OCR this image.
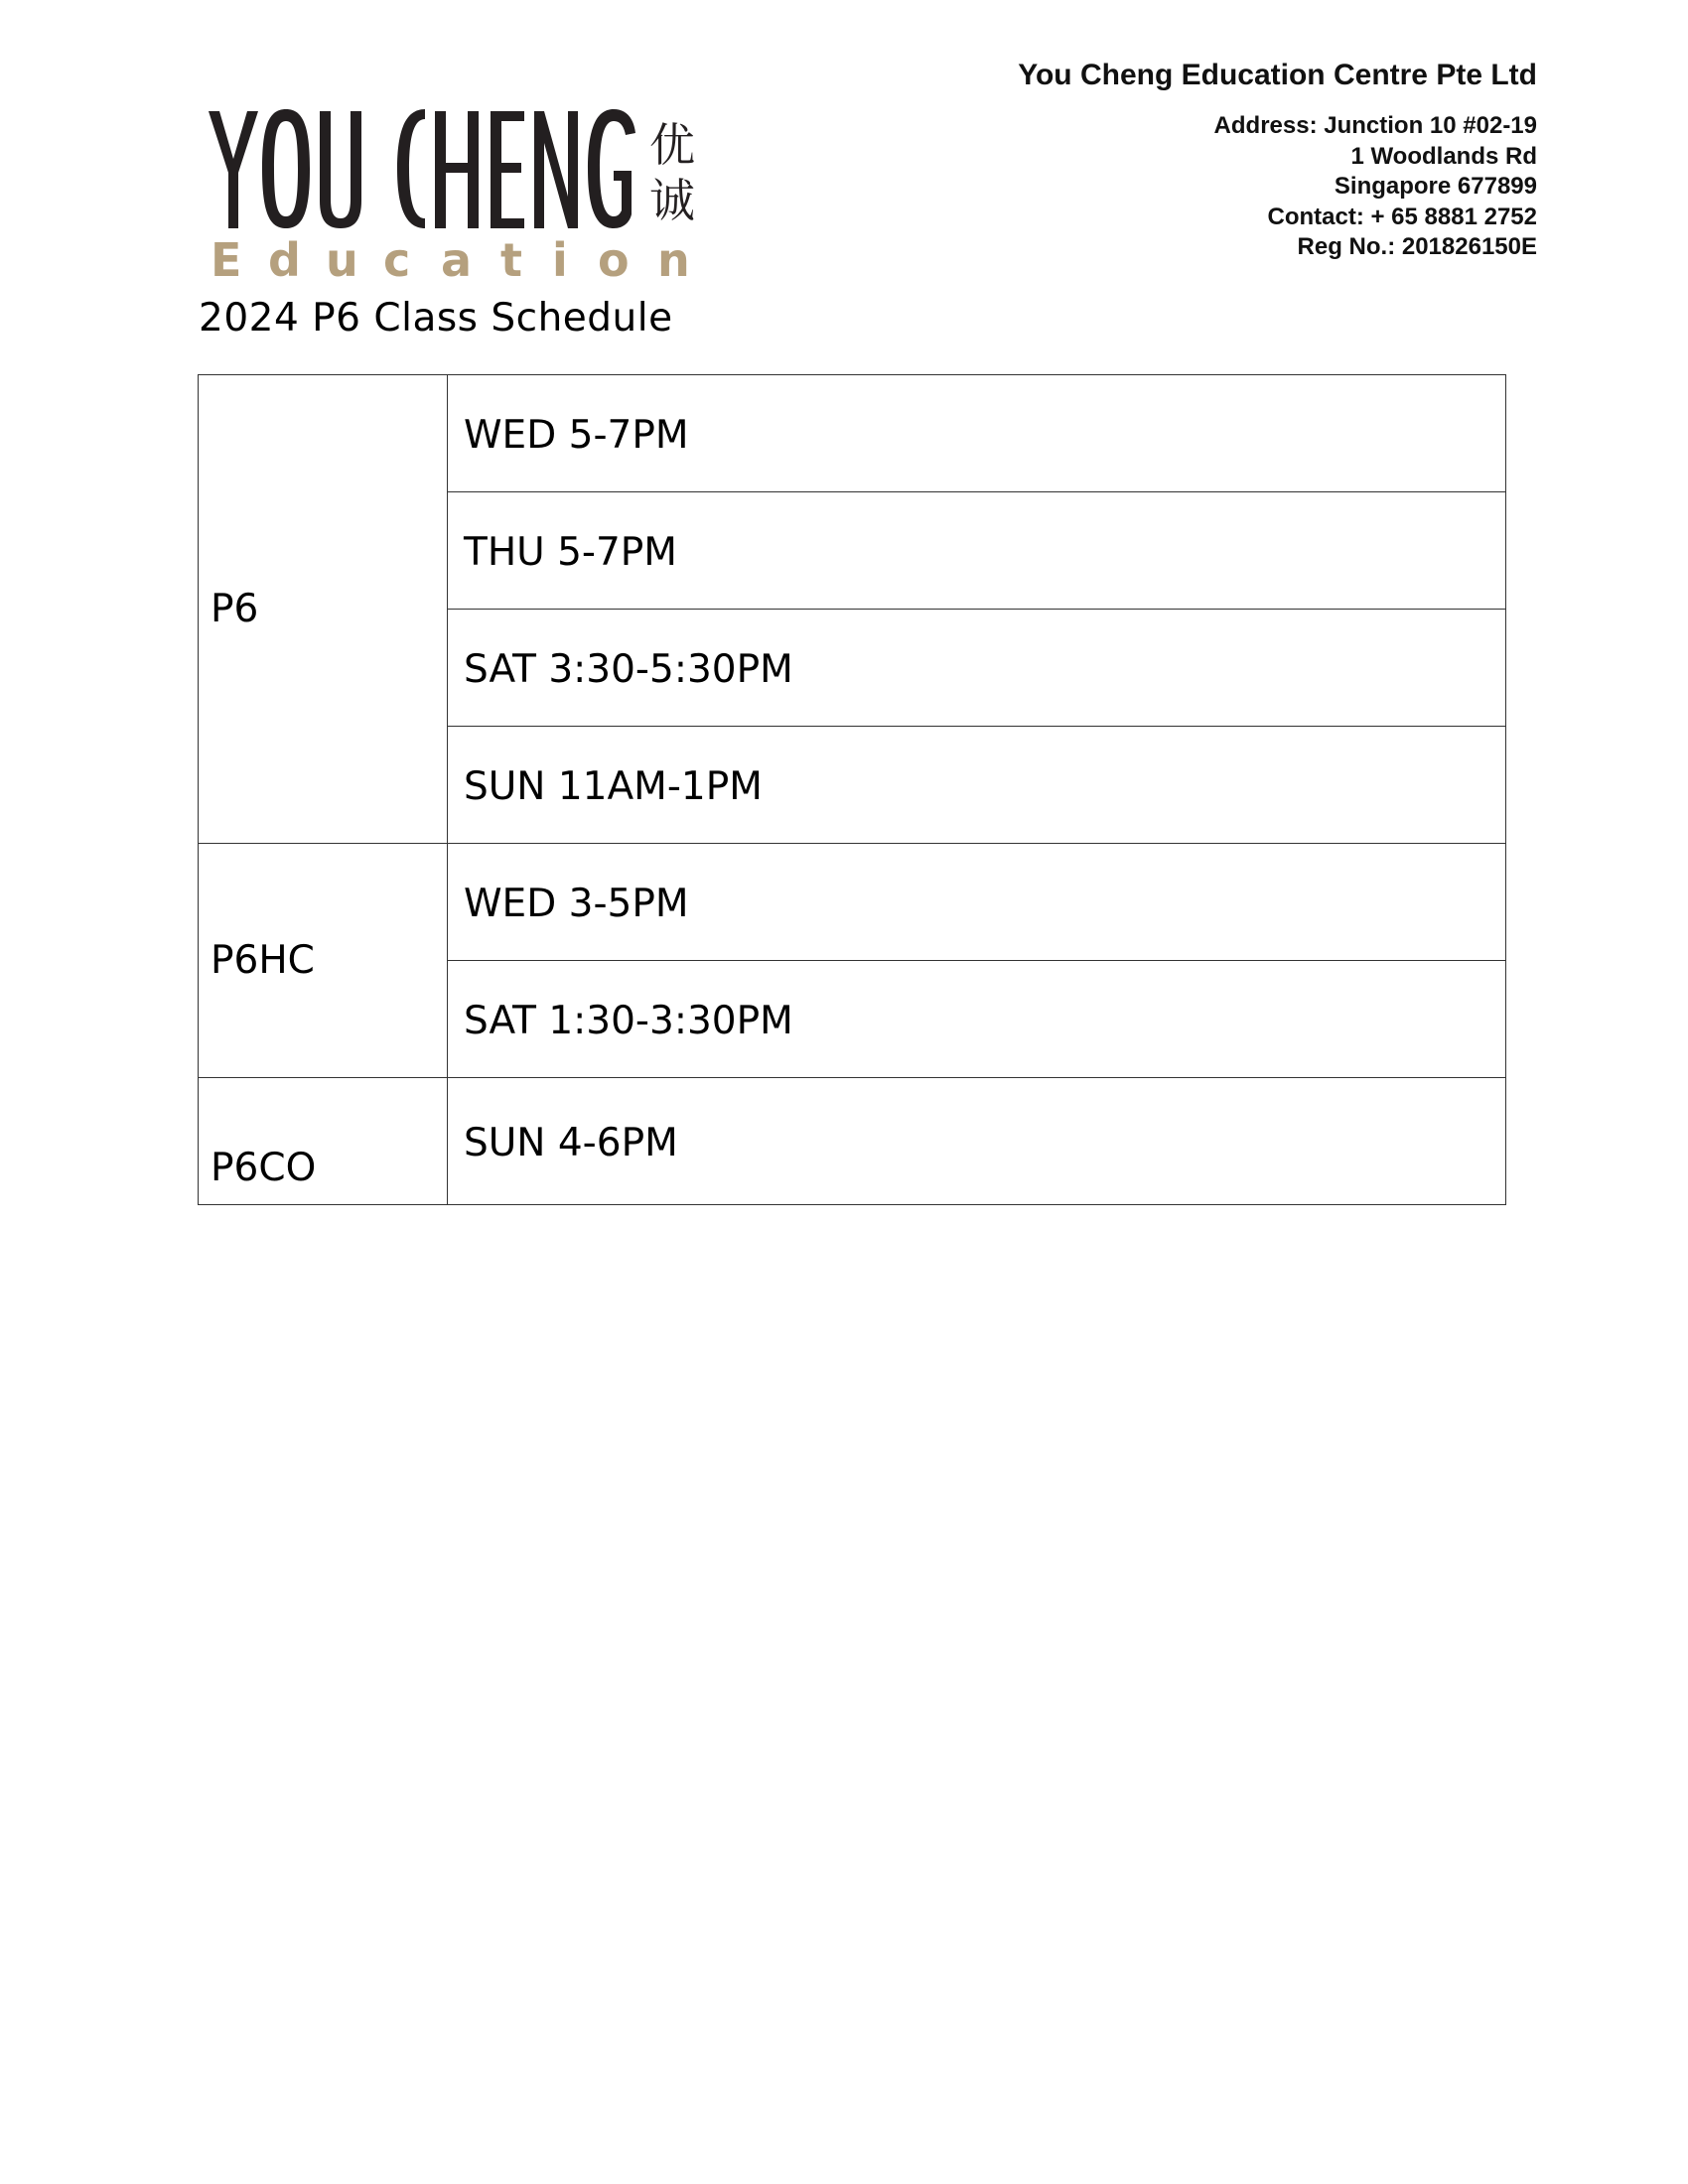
You Cheng Education Centre Pte Ltd
Address: Junction 10 #02-19
1 Woodlands Rd
Singapore 677899
Contact: + 65 8881 2752
Reg No.: 201826150E
优
诚
E d u c a t i o n
2024 P6 Class Schedule
P6	WED 5-7PM
	THU 5-7PM
	SAT 3:30-5:30PM
	SUN 11AM-1PM
P6HC	WED 3-5PM
	SAT 1:30-3:30PM
P6CO	SUN 4-6PM
